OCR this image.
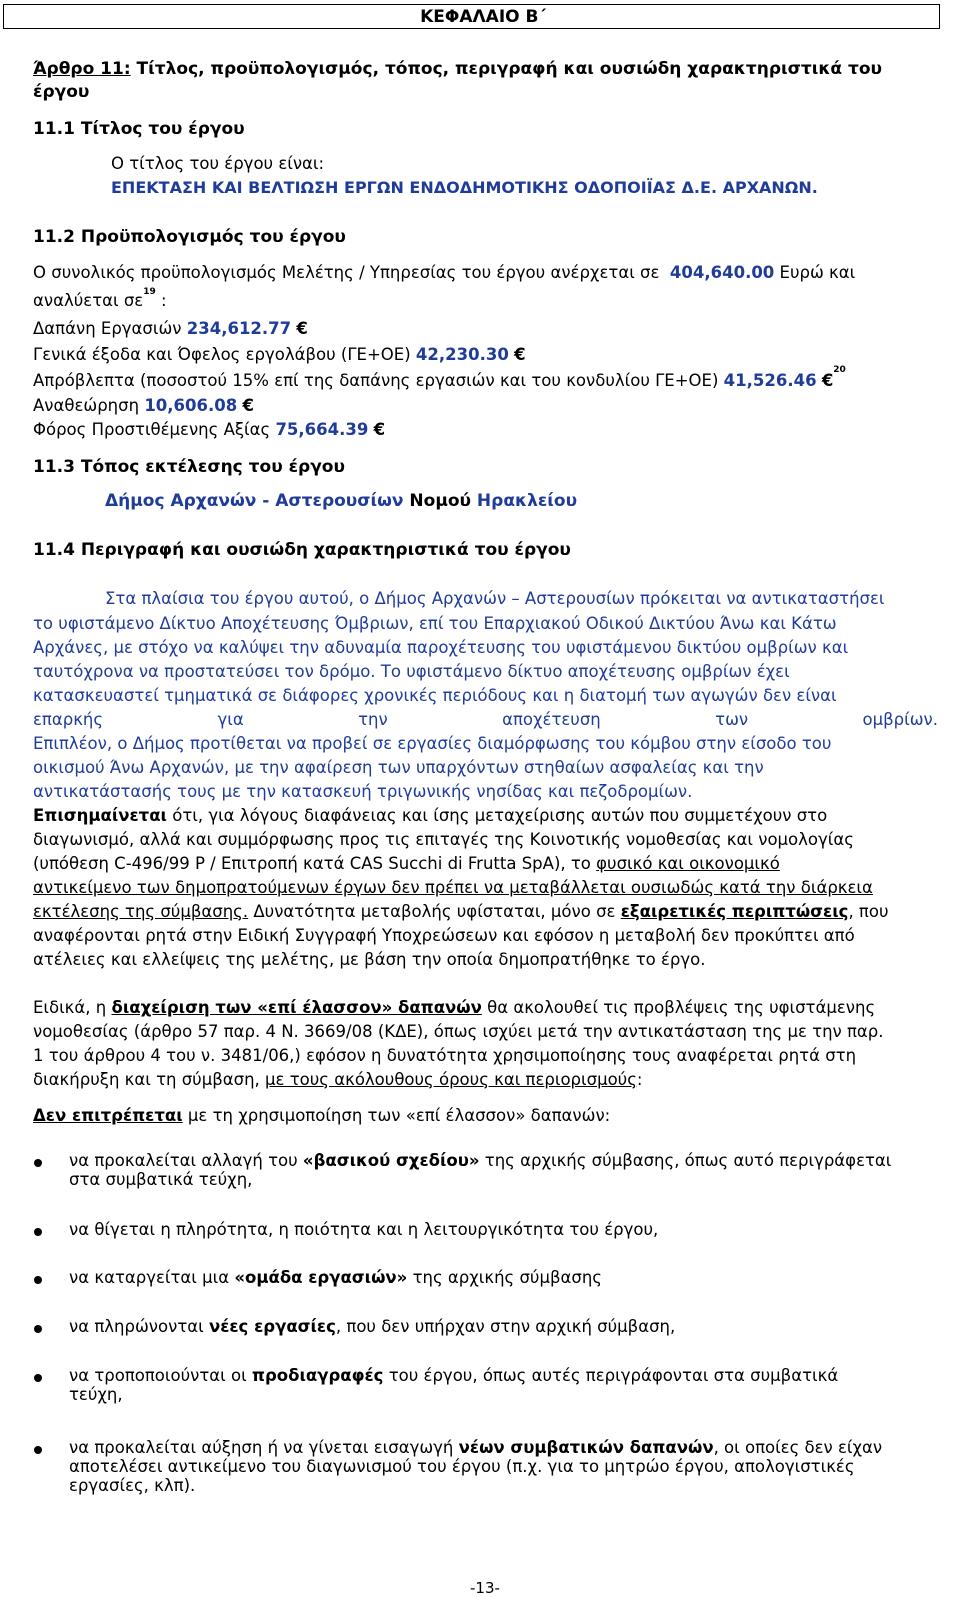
ΚΕΦΑΛΑΙΟ Β΄
Άρθρο 11: Τίτλος, προϋπολογισμός, τόπος, περιγραφή και ουσιώδη χαρακτηριστικά του
έργου
11.1 Τίτλος του έργου
Ο τίτλος του έργου είναι:
ΕΠΕΚΤΑΣΗ ΚΑΙ ΒΕΛΤΙΩΣΗ ΕΡΓΩΝ ΕΝΔΟΔΗΜΟΤΙΚΗΣ ΟΔΟΠΟΙΪΑΣ Δ.Ε. ΑΡΧΑΝΩΝ.
11.2 Προϋπολογισμός του έργου
Ο συνολικός προϋπολογισμός Μελέτης / Υπηρεσίας του έργου ανέρχεται σε 404,640.00 Ευρώ και
αναλύεται $\sigma\varepsilon^{19}$ :
Δαπάνη Εργασιών 234,612.77 €
Γενικά έξοδα και Όφελος εργολάβου (ΓΕ+ΟΕ) 42,230.30 €
Απρόβλεπτα (ποσοστού 15% επί της δαπάνης εργασιών και του κονδυλίου ΓΕ+ΟΕ) 41,526.46 €$^{20}$
Αναθεώρηση 10,606.08 €
Φόρος Προστιθέμενης Αξίας 75,664.39 €
11.3 Τόπος εκτέλεσης του έργου
Δήμος Αρχανών - Αστερουσίων Νομού Ηρακλείου
11.4 Περιγραφή και ουσιώδη χαρακτηριστικά του έργου
Στα πλαίσια του έργου αυτού, ο Δήμος Αρχανών – Αστερουσίων πρόκειται να αντικαταστήσει
το υφιστάμενο Δίκτυο Αποχέτευσης Όμβριων, επί του Επαρχιακού Οδικού Δικτύου Άνω και Κάτω
Αρχάνες, με στόχο να καλύψει την αδυναμία παροχέτευσης του υφιστάμενου δικτύου ομβρίων και
ταυτόχρονα να προστατεύσει τον δρόμο. Το υφιστάμενο δίκτυο αποχέτευσης ομβρίων έχει
κατασκευαστεί τμηματικά σε διάφορες χρονικές περιόδους και η διατομή των αγωγών δεν είναι
επαρκής	για	την	αποχέτευση	των	ομβρίων.
Επιπλέον, ο Δήμος προτίθεται να προβεί σε εργασίες διαμόρφωσης του κόμβου στην είσοδο του
οικισμού Άνω Αρχανών, με την αφαίρεση των υπαρχόντων στηθαίων ασφαλείας και την
αντικατάστασής τους με την κατασκευή τριγωνικής νησίδας και πεζοδρομίων.
Επισημαίνεται ότι, για λόγους διαφάνειας και ίσης μεταχείρισης αυτών που συμμετέχουν στο
διαγωνισμό, αλλά και συμμόρφωσης προς τις επιταγές της Κοινοτικής νομοθεσίας και νομολογίας
(υπόθεση C-496/99 P / Επιτροπή κατά CAS Succhi di Frutta SpA), το φυσικό και οικονομικό
αντικείμενο των δημοπρατούμενων έργων δεν πρέπει να μεταβάλλεται ουσιωδώς κατά την διάρκεια
εκτέλεσης της σύμβασης. Δυνατότητα μεταβολής υφίσταται, μόνο σε εξαιρετικές περιπτώσεις, που
αναφέρονται ρητά στην Ειδική Συγγραφή Υποχρεώσεων και εφόσον η μεταβολή δεν προκύπτει από
ατέλειες και ελλείψεις της μελέτης, με βάση την οποία δημοπρατήθηκε το έργο.
Ειδικά, η διαχείριση των «επί έλασσον» δαπανών θα ακολουθεί τις προβλέψεις της υφιστάμενης
νομοθεσίας (άρθρο 57 παρ. 4 Ν. 3669/08 (ΚΔΕ), όπως ισχύει μετά την αντικατάσταση της με την παρ.
1 του άρθρου 4 του ν. 3481/06,) εφόσον η δυνατότητα χρησιμοποίησης τους αναφέρεται ρητά στη
διακήρυξη και τη σύμβαση, με τους ακόλουθους όρους και περιορισμούς:
Δεν επιτρέπεται με τη χρησιμοποίηση των «επί έλασσον» δαπανών:
να προκαλείται αλλαγή του «βασικού σχεδίου» της αρχικής σύμβασης, όπως αυτό περιγράφεται
στα συμβατικά τεύχη,
να θίγεται η πληρότητα, η ποιότητα και η λειτουργικότητα του έργου,
να καταργείται μια «ομάδα εργασιών» της αρχικής σύμβασης
να πληρώνονται νέες εργασίες, που δεν υπήρχαν στην αρχική σύμβαση,
να τροποποιούνται οι προδιαγραφές του έργου, όπως αυτές περιγράφονται στα συμβατικά
τεύχη,
να προκαλείται αύξηση ή να γίνεται εισαγωγή νέων συμβατικών δαπανών, οι οποίες δεν είχαν
αποτελέσει αντικείμενο του διαγωνισμού του έργου (π.χ. για το μητρώο έργου, απολογιστικές
εργασίες, κλπ).
-13-
